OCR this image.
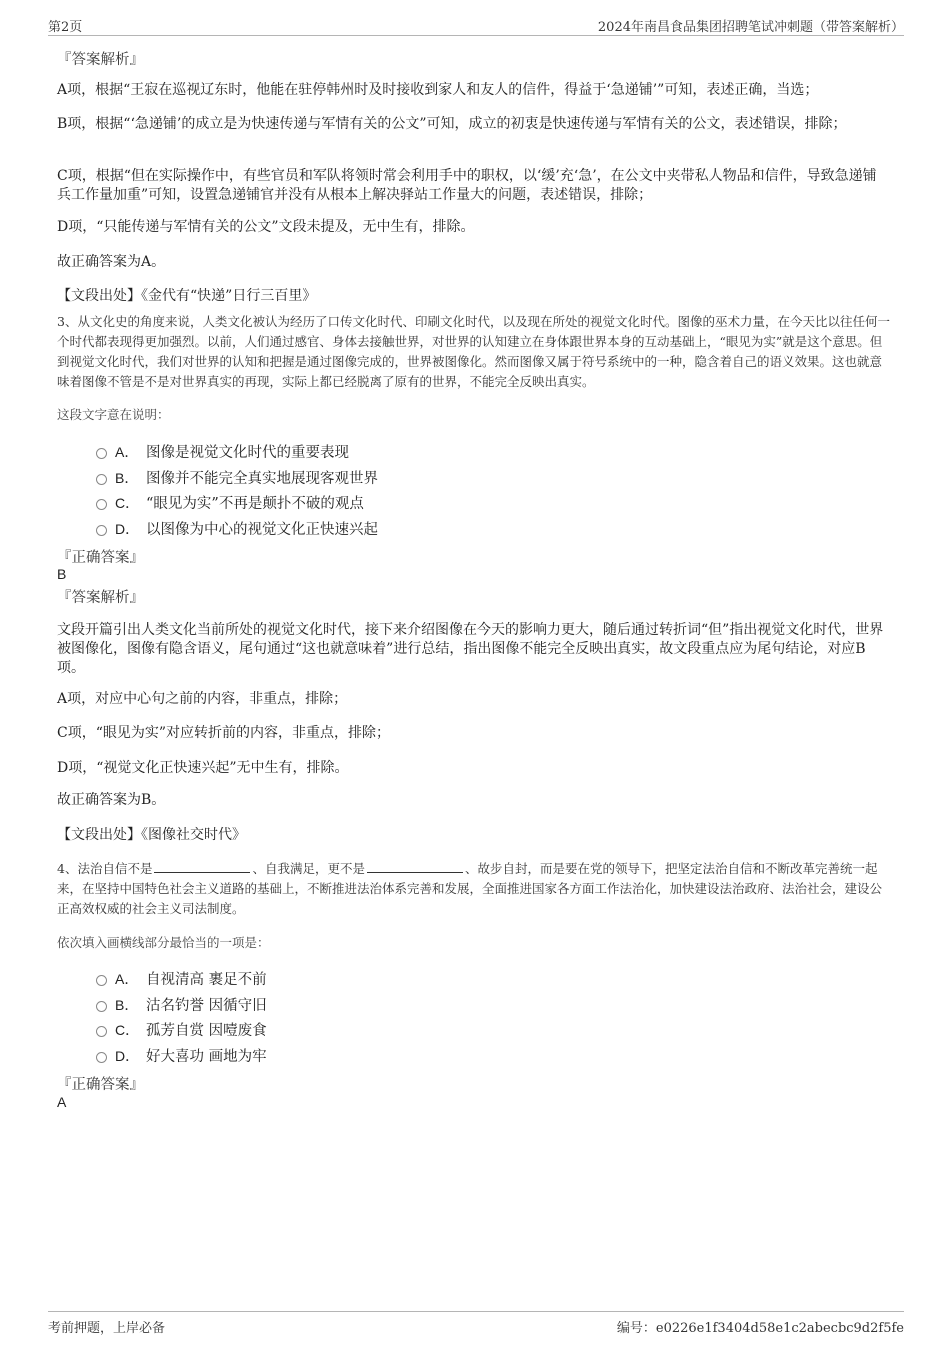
第2页	2024年南昌食品集团招聘笔试冲刺题（带答案解析）
『答案解析』
A项，根据“王寂在巡视辽东时，他能在驻停韩州时及时接收到家人和友人的信件，得益于‘急递铺’”可知，表述正确，当选；
B项，根据“‘急递铺’的成立是为快速传递与军情有关的公文”可知，成立的初衷是快速传递与军情有关的公文，表述错误，排除；
C项，根据“但在实际操作中，有些官员和军队将领时常会利用手中的职权，以‘缓’充‘急’，在公文中夹带私人物品和信件，导致急递铺兵工作量加重”可知，设置急递铺官并没有从根本上解决驿站工作量大的问题，表述错误，排除；
D项，“只能传递与军情有关的公文”文段未提及，无中生有，排除。
故正确答案为A。
【文段出处】《金代有“快递”日行三百里》
3、从文化史的角度来说，人类文化被认为经历了口传文化时代、印刷文化时代，以及现在所处的视觉文化时代。图像的巫术力量，在今天比以往任何一个时代都表现得更加强烈。以前，人们通过感官、身体去接触世界，对世界的认知建立在身体跟世界本身的互动基础上，“眼见为实”就是这个意思。但到视觉文化时代，我们对世界的认知和把握是通过图像完成的，世界被图像化。然而图像又属于符号系统中的一种，隐含着自己的语义效果。这也就意味着图像不管是不是对世界真实的再现，实际上都已经脱离了原有的世界，不能完全反映出真实。
这段文字意在说明：
A． 图像是视觉文化时代的重要表现
B． 图像并不能完全真实地展现客观世界
C． “眼见为实”不再是颠扑不破的观点
D． 以图像为中心的视觉文化正快速兴起
『正确答案』
B
『答案解析』
文段开篇引出人类文化当前所处的视觉文化时代，接下来介绍图像在今天的影响力更大，随后通过转折词“但”指出视觉文化时代，世界被图像化，图像有隐含语义，尾句通过“这也就意味着”进行总结，指出图像不能完全反映出真实，故文段重点应为尾句结论，对应B项。
A项，对应中心句之前的内容，非重点，排除；
C项，“眼见为实”对应转折前的内容，非重点，排除；
D项，“视觉文化正快速兴起”无中生有，排除。
故正确答案为B。
【文段出处】《图像社交时代》
4、法治自信不是	、自我满足，更不是	、故步自封，而是要在党的领导下，把坚定法治自信和不断改革完善统一起来，在坚持中国特色社会主义道路的基础上，不断推进法治体系完善和发展，全面推进国家各方面工作法治化，加快建设法治政府、法治社会，建设公正高效权威的社会主义司法制度。
依次填入画横线部分最恰当的一项是：
A． 自视清高 裹足不前
B． 沽名钓誉 因循守旧
C． 孤芳自赏 因噎废食
D． 好大喜功 画地为牢
『正确答案』
A
考前押题，上岸必备	编号：e0226e1f3404d58e1c2abecbc9d2f5fe
